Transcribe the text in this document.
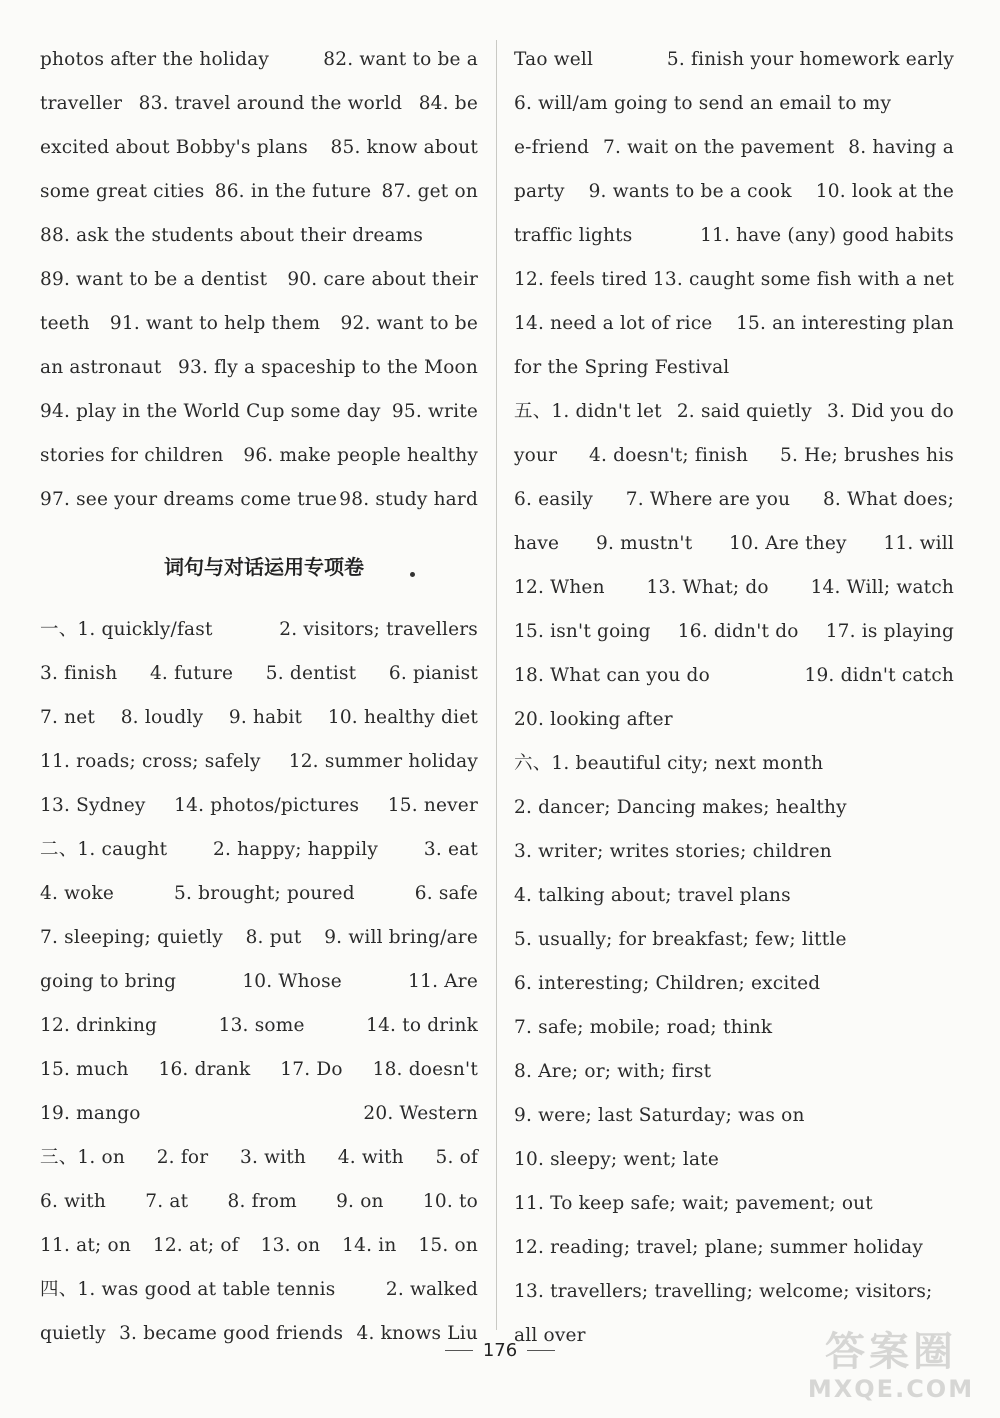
photos after the holiday	82. want to be a
traveller 83. travel around the world 84. be
excited about Bobby's plans 85. know about
some great cities 86. in the future 87. get on
88. ask the students about their dreams
89. want to be a dentist 90. care about their
teeth 91. want to help them 92. want to be
an astronaut 93. fly a spaceship to the Moon
94. play in the World Cup some day 95. write
stories for children 96. make people healthy
97. see your dreams come true 98. study hard
词句与对话运用专项卷
一、1. quickly/fast	2. visitors; travellers
3. finish 4. future 5. dentist 6. pianist
7. net 8. loudly 9. habit 10. healthy diet
11. roads; cross; safely 12. summer holiday
13. Sydney 14. photos/pictures 15. never
二、1. caught 2. happy; happily 3. eat
4. woke	5. brought; poured	6. safe
7. sleeping; quietly 8. put 9. will bring/are
going to bring	10. Whose	11. Are
12. drinking	13. some	14. to drink
15. much 16. drank 17. Do 18. doesn't
19. mango	20. Western
三、1. on 2. for 3. with 4. with 5. of
6. with 7. at 8. from 9. on 10. to
11. at; on 12. at; of 13. on 14. in 15. on
四、1. was good at table tennis	2. walked
quietly 3. became good friends 4. knows Liu
Tao well	5. finish your homework early
6. will/am going to send an email to my
e-friend 7. wait on the pavement 8. having a
party 9. wants to be a cook 10. look at the
traffic lights	11. have (any) good habits
12. feels tired 13. caught some fish with a net
14. need a lot of rice 15. an interesting plan
for the Spring Festival
五、1. didn't let 2. said quietly 3. Did you do
your 4. doesn't; finish 5. He; brushes his
6. easily 7. Where are you 8. What does;
have 9. mustn't 10. Are they 11. will
12. When 13. What; do 14. Will; watch
15. isn't going 16. didn't do 17. is playing
18. What can you do	19. didn't catch
20. looking after
六、1. beautiful city; next month
2. dancer; Dancing makes; healthy
3. writer; writes stories; children
4. talking about; travel plans
5. usually; for breakfast; few; little
6. interesting; Children; excited
7. safe; mobile; road; think
8. Are; or; with; first
9. were; last Saturday; was on
10. sleepy; went; late
11. To keep safe; wait; pavement; out
12. reading; travel; plane; summer holiday
13. travellers; travelling; welcome; visitors;
all over
176	答案圈
MXQE.COM
